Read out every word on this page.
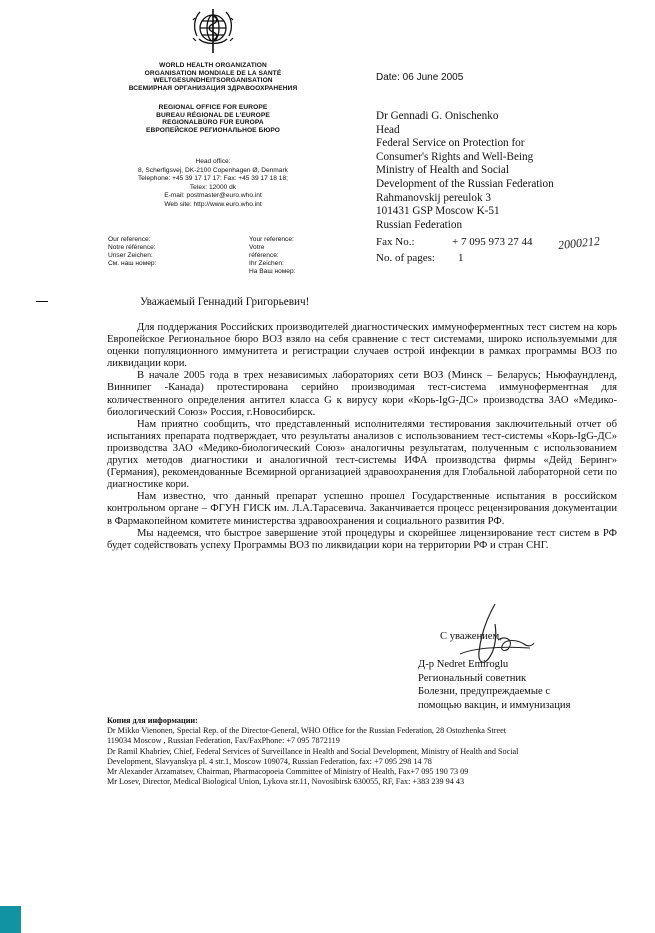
WORLD HEALTH ORGANIZATION
ORGANISATION MONDIALE DE LA SANTÉ
WELTGESUNDHEITSORGANISATION
ВСЕМИРНАЯ ОРГАНИЗАЦИЯ ЗДРАВООХРАНЕНИЯ
REGIONAL OFFICE FOR EUROPE
BUREAU RÉGIONAL DE L'EUROPE
REGIONALBÜRO FÜR EUROPA
ЕВРОПЕЙСКОЕ РЕГИОНАЛЬНОЕ БЮРО
Head office:
8, Scherfigsvej, DK-2100 Copenhagen Ø, Denmark
Telephone: +45 39 17 17 17; Fax: +45 39 17 18 18;
Telex: 12000 dk
E-mail: postmaster@euro.who.int
Web site: http://www.euro.who.int
Our reference:
Notre référence:
Unser Zeichen:
См. наш номер:
Your reference:
Votre
référence:
Ihr Zeichen:
На Ваш номер:
Date: 06 June 2005
Dr Gennadi G. Onischenko
Head
Federal Service on Protection for
Consumer's Rights and Well-Being
Ministry of Health and Social
Development of the Russian Federation
Rahmanovskij pereulok 3
101431 GSP Moscow K-51
Russian Federation
Fax No.:	+ 7 095 973 27 44 2000212
No. of pages: 1
Уважаемый Геннадий Григорьевич!

Для поддержания Российских производителей диагностических иммуноферментных тест систем на корь Европейское Региональное бюро ВОЗ взяло на себя сравнение с тест системами, широко используемыми для оценки популяционного иммунитета и регистрации случаев острой инфекции в рамках программы ВОЗ по ликвидации кори.

В начале 2005 года в трех независимых лабораториях сети ВОЗ (Минск – Беларусь; Ньюфаундленд, Виннипег -Канада) протестирована серийно производимая тест-система иммуноферментная для количественного определения антител класса G к вирусу кори «Корь-IgG-ДС» производства ЗАО «Медико-биологический Союз» Россия, г.Новосибирск.

Нам приятно сообщить, что представленный исполнителями тестирования заключительный отчет об испытаниях препарата подтверждает, что результаты анализов с использованием тест-системы «Корь-IgG-ДС» производства ЗАО «Медико-биологический Союз» аналогичны результатам, полученным с использованием других методов диагностики и аналогичной тест-системы ИФА производства фирмы «Дейд Беринг» (Германия), рекомендованные Всемирной организацией здравоохранения для Глобальной лабораторной сети по диагностике кори.

Нам известно, что данный препарат успешно прошел Государственные испытания в российском контрольном органе – ФГУН ГИСК им. Л.А.Тарасевича. Заканчивается процесс рецензирования документации в Фармакопейном комитете министерства здравоохранения и социального развития РФ.

Мы надеемся, что быстрое завершение этой процедуры и скорейшее лицензирование тест систем в РФ будет содействовать успеху Программы ВОЗ по ликвидации кори на территории РФ и стран СНГ.

С уважением,
Д-р Nedret Emiroglu
Региональный советник
Болезни, предупреждаемые с
помощью вакцин, и иммунизация
Копия для информации:
Dr Mikko Vienonen, Special Rep. of the Director-General, WHO Office for the Russian Federation, 28 Ostozhenka Street
119034 Moscow , Russian Federation, Fax/FaxPhone: +7 095 7872119
Dr Ramil Khabriev, Chief, Federal Services of Surveillance in Health and Social Development, Ministry of Health and Social
Development, Slavyanskya pl. 4 str.1, Moscow 109074, Russian Federation, fax: +7 095 298 14 78
Mr Alexander Arzamatsev, Chairman, Pharmacopoeia Committee of Ministry of Health, Fax+7 095 190 73 09
Mr Losev, Director, Medical Biological Union, Lykova str.11, Novosibirsk 630055, RF, Fax: +383 239 94 43
